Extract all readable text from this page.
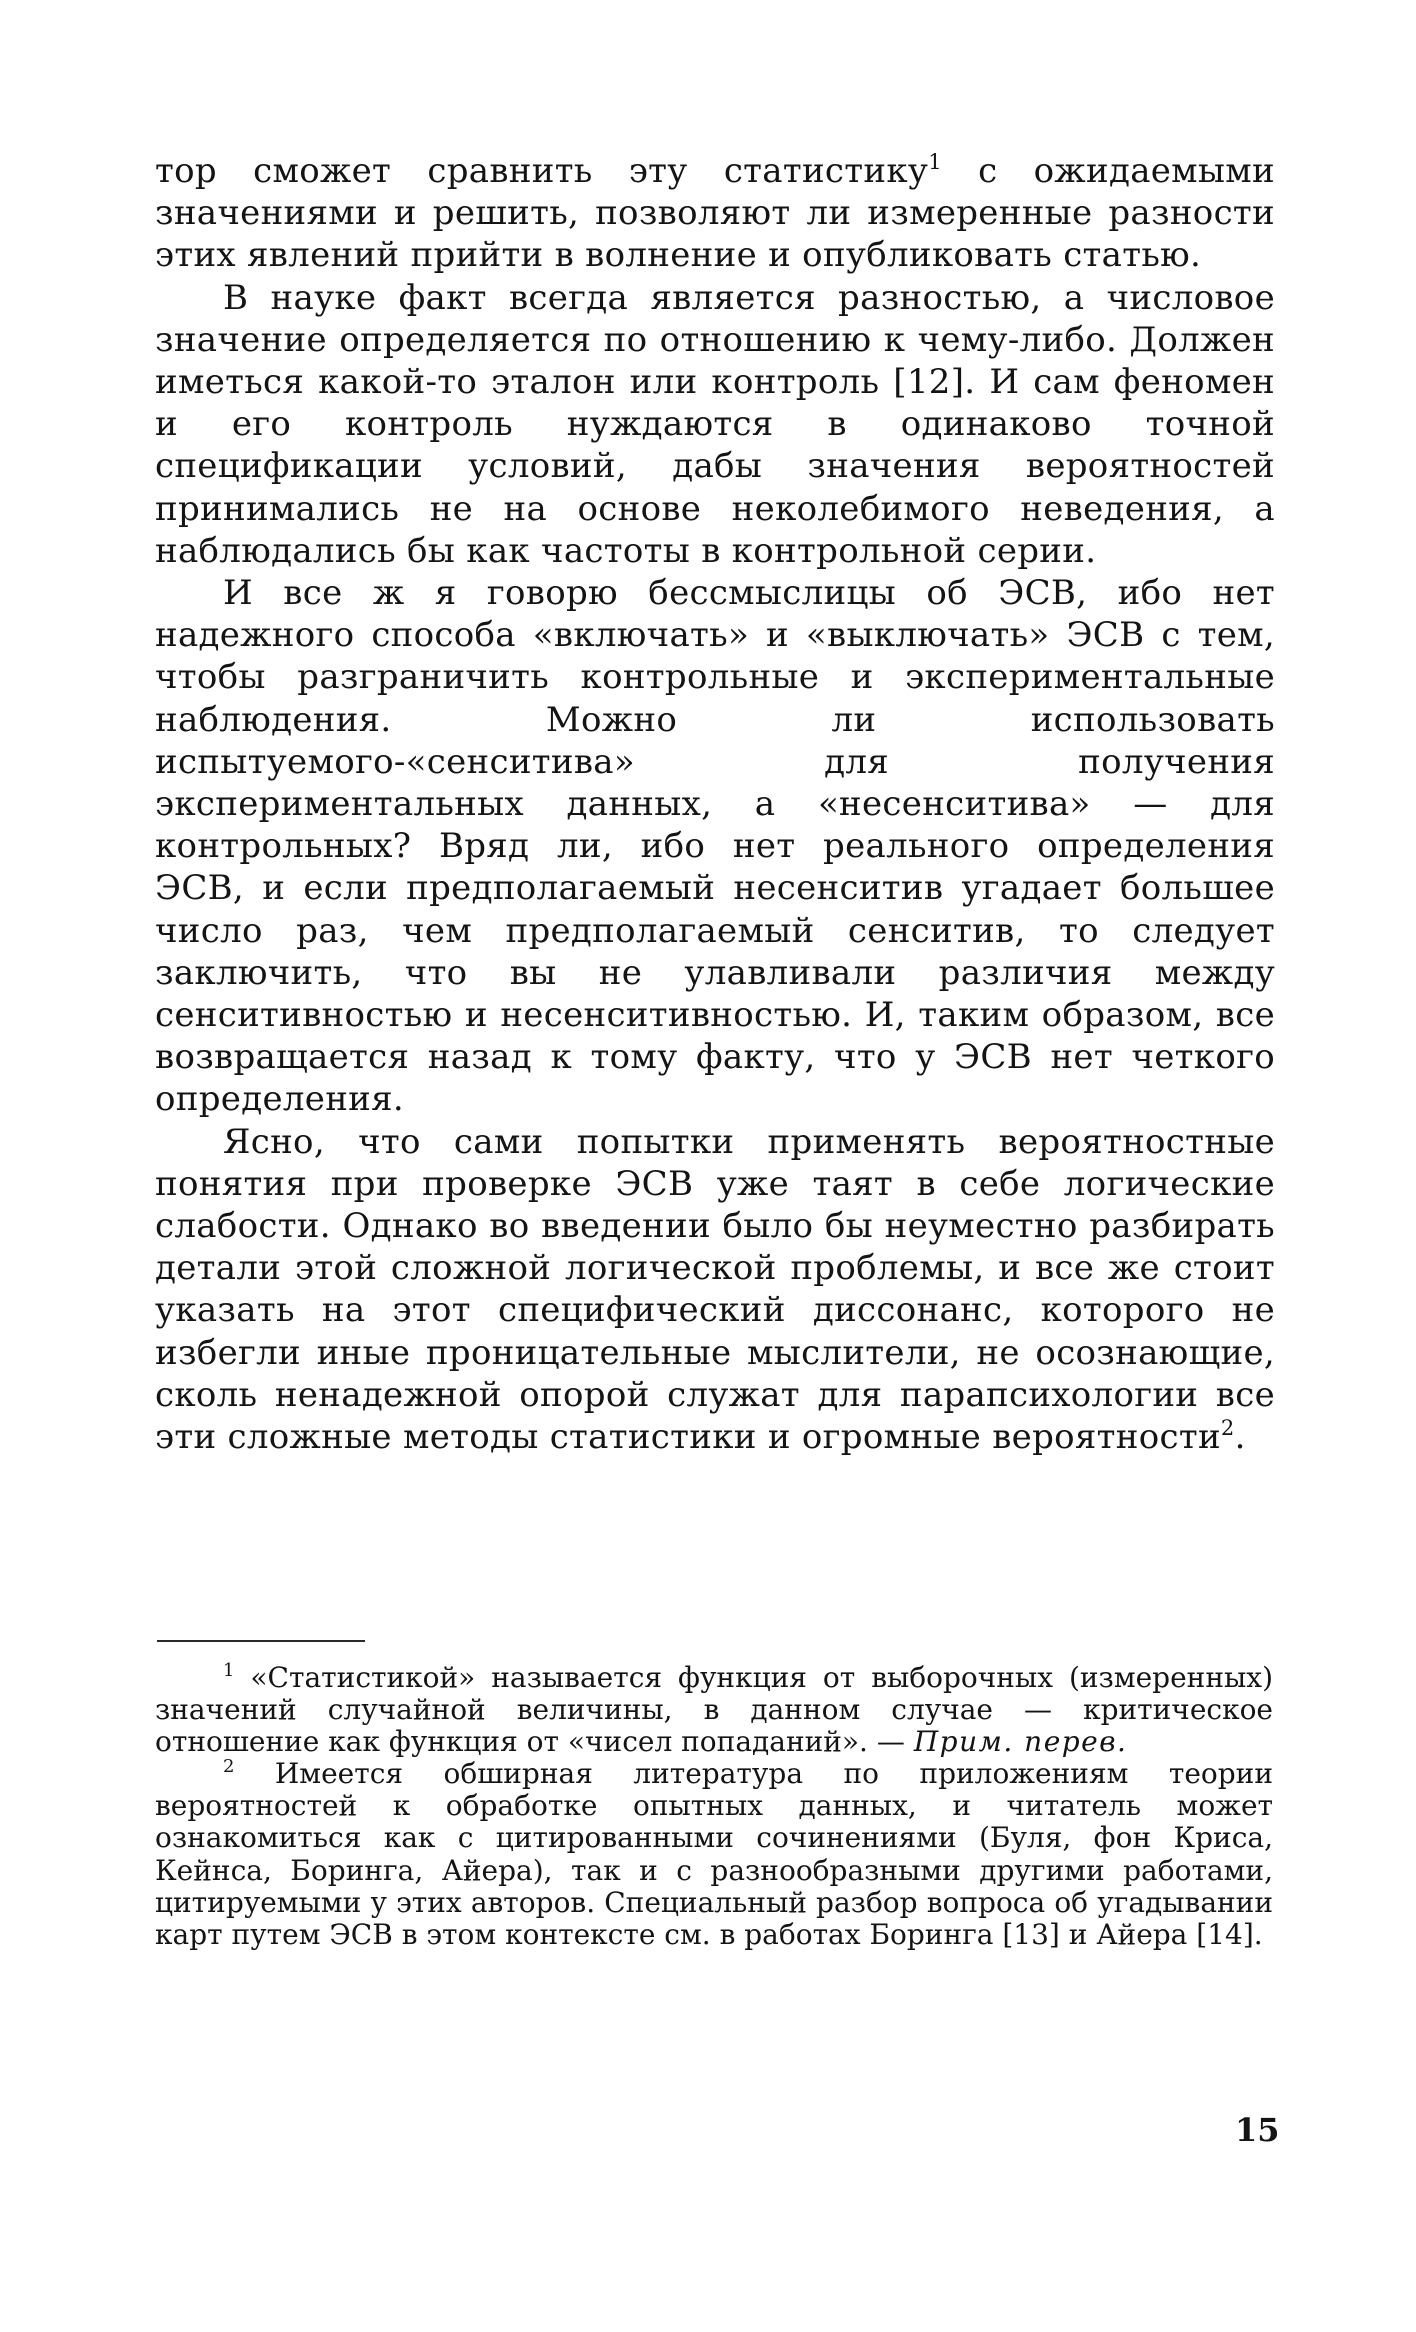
тор сможет сравнить эту статистику$^1$ с ожидаемыми значениями и решить, позволяют ли измеренные разности этих явлений прийти в волнение и опубликовать статью.

В науке факт всегда является разностью, а числовое значение определяется по отношению к чему-либо. Должен иметься какой-то эталон или контроль [12]. И сам феномен и его контроль нуждаются в одинаково точной спецификации условий, дабы значения вероятностей принимались не на основе неколебимого неведения, а наблюдались бы как частоты в контрольной серии.

И все ж я говорю бессмыслицы об ЭСВ, ибо нет надежного способа «включать» и «выключать» ЭСВ с тем, чтобы разграничить контрольные и экспериментальные наблюдения. Можно ли использовать испытуемого-«сенситива» для получения экспериментальных данных, а «несенситива» — для контрольных? Вряд ли, ибо нет реального определения ЭСВ, и если предполагаемый несенситив угадает большее число раз, чем предполагаемый сенситив, то следует заключить, что вы не улавливали различия между сенситивностью и несенситивностью. И, таким образом, все возвращается назад к тому факту, что у ЭСВ нет четкого определения.

Ясно, что сами попытки применять вероятностные понятия при проверке ЭСВ уже таят в себе логические слабости. Однако во введении было бы неуместно разбирать детали этой сложной логической проблемы, и все же стоит указать на этот специфический диссонанс, которого не избегли иные проницательные мыслители, не осознающие, сколь ненадежной опорой служат для парапсихологии все эти сложные методы статистики и огромные вероятности$^2$.

$^1$ «Статистикой» называется функция от выборочных (измеренных) значений случайной величины, в данном случае — критическое отношение как функция от «чисел попаданий». — Прим. перев.

$^2$ Имеется обширная литература по приложениям теории вероятностей к обработке опытных данных, и читатель может ознакомиться как с цитированными сочинениями (Буля, фон Криса, Кейнса, Боринга, Айера), так и с разнообразными другими работами, цитируемыми у этих авторов. Специальный разбор вопроса об угадывании карт путем ЭСВ в этом контексте см. в работах Боринга [13] и Айера [14].

15
